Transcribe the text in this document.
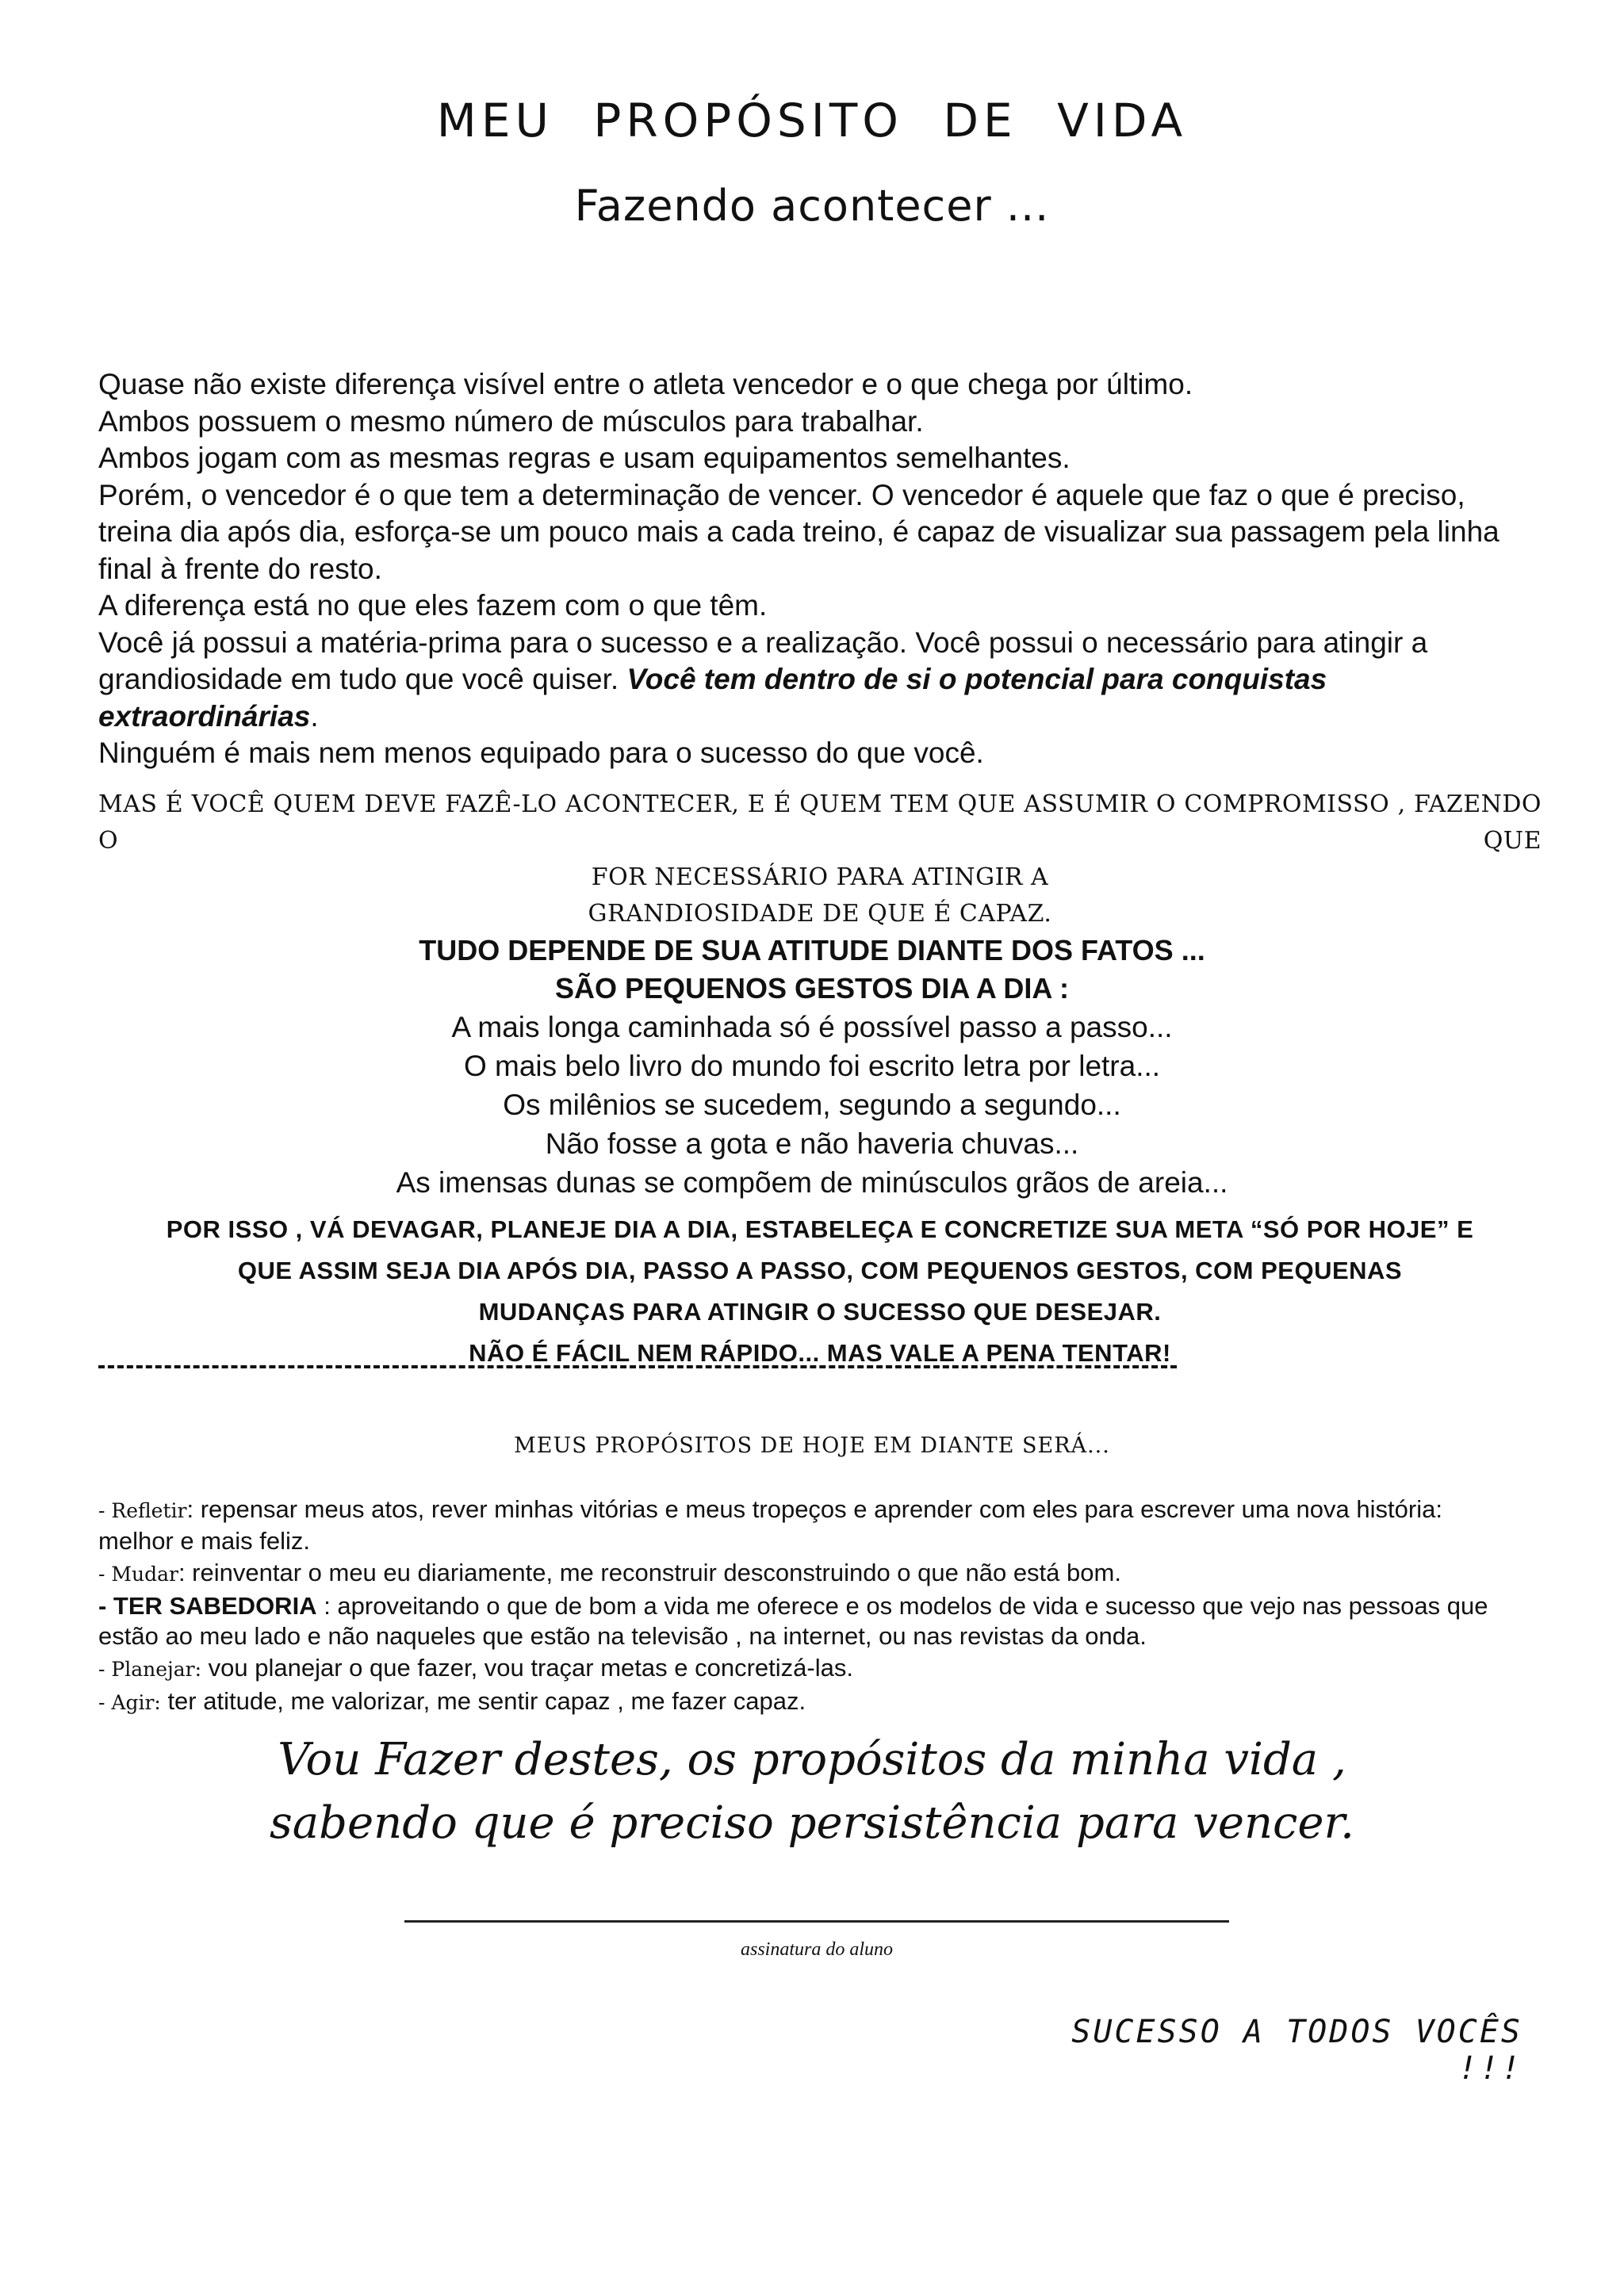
MEU PROPÓSITO DE VIDA
Fazendo acontecer ...

Quase não existe diferença visível entre o atleta vencedor e o que chega por último.

Ambos possuem o mesmo número de músculos para trabalhar.

Ambos jogam com as mesmas regras e usam equipamentos semelhantes.

Porém, o vencedor é o que tem a determinação de vencer. O vencedor é aquele que faz o que é preciso, treina dia após dia, esforça-se um pouco mais a cada treino, é capaz de visualizar sua passagem pela linha final à frente do resto.

A diferença está no que eles fazem com o que têm.

Você já possui a matéria-prima para o sucesso e a realização. Você possui o necessário para atingir a grandiosidade em tudo que você quiser. Você tem dentro de si o potencial para conquistas extraordinárias.

Ninguém é mais nem menos equipado para o sucesso do que você.

MAS É VOCÊ QUEM DEVE FAZÊ-LO ACONTECER, E É QUEM TEM QUE ASSUMIR O COMPROMISSO , FAZENDO O QUE
FOR NECESSÁRIO PARA ATINGIR A
GRANDIOSIDADE DE QUE É CAPAZ.
TUDO DEPENDE DE SUA ATITUDE DIANTE DOS FATOS ...
SÃO PEQUENOS GESTOS DIA A DIA :
A mais longa caminhada só é possível passo a passo...
O mais belo livro do mundo foi escrito letra por letra...
Os milênios se sucedem, segundo a segundo...
Não fosse a gota e não haveria chuvas...
As imensas dunas se compõem de minúsculos grãos de areia...
POR ISSO , VÁ DEVAGAR, PLANEJE DIA A DIA, ESTABELEÇA E CONCRETIZE SUA META “SÓ POR HOJE” E
QUE ASSIM SEJA DIA APÓS DIA, PASSO A PASSO, COM PEQUENOS GESTOS, COM PEQUENAS
MUDANÇAS PARA ATINGIR O SUCESSO QUE DESEJAR.
NÃO É FÁCIL NEM RÁPIDO... MAS VALE A PENA TENTAR!
MEUS PROPÓSITOS DE HOJE EM DIANTE SERÁ...

- Refletir: repensar meus atos, rever minhas vitórias e meus tropeços e aprender com eles para escrever uma nova história: melhor e mais feliz.

- Mudar: reinventar o meu eu diariamente, me reconstruir desconstruindo o que não está bom.

- TER SABEDORIA : aproveitando o que de bom a vida me oferece e os modelos de vida e sucesso que vejo nas pessoas que estão ao meu lado e não naqueles que estão na televisão , na internet, ou nas revistas da onda.

- Planejar: vou planejar o que fazer, vou traçar metas e concretizá-las.

- Agir: ter atitude, me valorizar, me sentir capaz , me fazer capaz.

Vou Fazer destes, os propósitos da minha vida ,
sabendo que é preciso persistência para vencer.
assinatura do aluno
SUCESSO A TODOS VOCÊS !!!
